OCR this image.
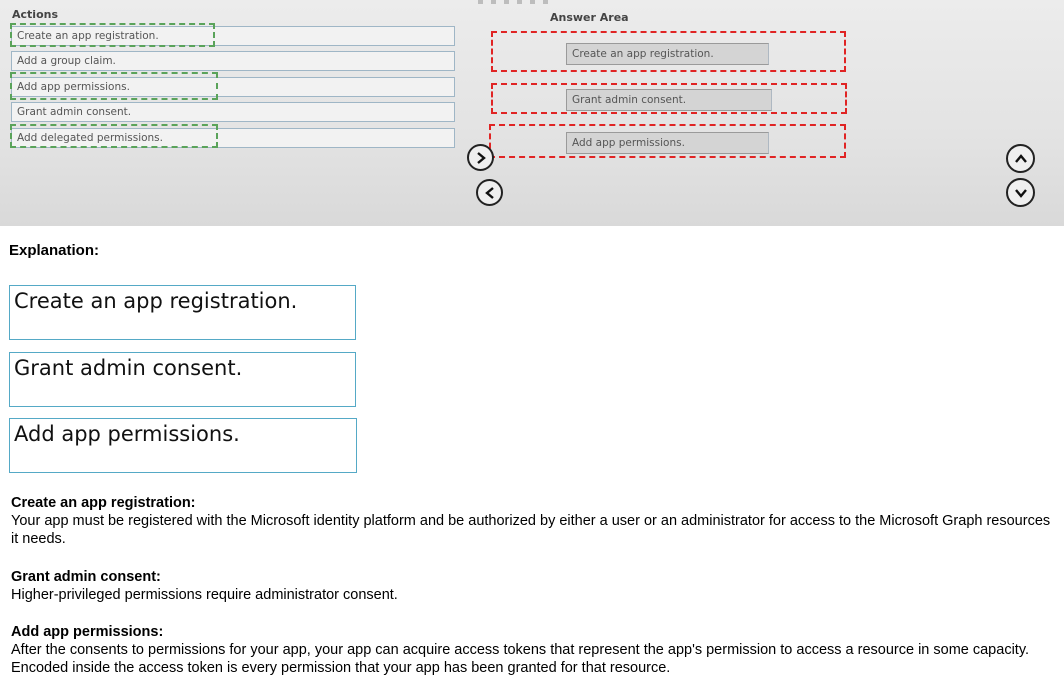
Actions	Answer Area
Create an app registration.
Add a group claim.
Add app permissions.
Grant admin consent.
Add delegated permissions.
Create an app registration.
Grant admin consent.
Add app permissions.
Explanation:
Create an app registration.
Grant admin consent.
Add app permissions.
Create an app registration:
Your app must be registered with the Microsoft identity platform and be authorized by either a user or an administrator for access to the Microsoft Graph resources it needs.
Grant admin consent:
Higher-privileged permissions require administrator consent.
Add app permissions:
After the consents to permissions for your app, your app can acquire access tokens that represent the app's permission to access a resource in some capacity. Encoded inside the access token is every permission that your app has been granted for that resource.
